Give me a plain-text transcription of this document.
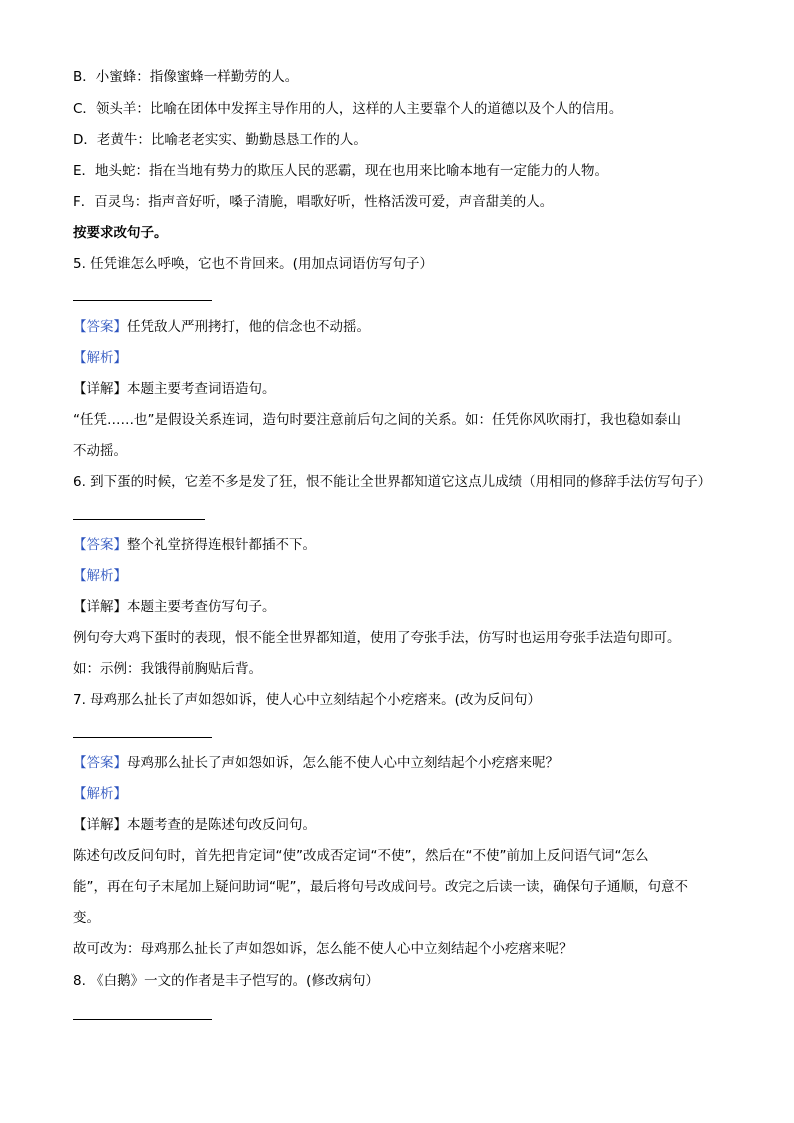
B．小蜜蜂：指像蜜蜂一样勤劳的人。
C．领头羊：比喻在团体中发挥主导作用的人，这样的人主要靠个人的道德以及个人的信用。
D．老黄牛：比喻老老实实、勤勤恳恳工作的人。
E．地头蛇：指在当地有势力的欺压人民的恶霸，现在也用来比喻本地有一定能力的人物。
F．百灵鸟：指声音好听，嗓子清脆，唱歌好听，性格活泼可爱，声音甜美的人。
按要求改句子。
5. 任凭谁怎么呼唤，它也不肯回来。(用加点词语仿写句子）
【答案】任凭敌人严刑拷打，他的信念也不动摇。
【解析】
【详解】本题主要考查词语造句。
“任凭……也”是假设关系连词，造句时要注意前后句之间的关系。如：任凭你风吹雨打，我也稳如泰山
不动摇。
6. 到下蛋的时候，它差不多是发了狂，恨不能让全世界都知道它这点儿成绩（用相同的修辞手法仿写句子）
【答案】整个礼堂挤得连根针都插不下。
【解析】
【详解】本题主要考查仿写句子。
例句夸大鸡下蛋时的表现，恨不能全世界都知道，使用了夸张手法，仿写时也运用夸张手法造句即可。
如：示例：我饿得前胸贴后背。
7. 母鸡那么扯长了声如怨如诉，使人心中立刻结起个小疙瘩来。(改为反问句）
【答案】母鸡那么扯长了声如怨如诉，怎么能不使人心中立刻结起个小疙瘩来呢？
【解析】
【详解】本题考查的是陈述句改反问句。
陈述句改反问句时，首先把肯定词“使”改成否定词“不使”，然后在“不使”前加上反问语气词“怎么
能”，再在句子末尾加上疑问助词“呢”，最后将句号改成问号。改完之后读一读，确保句子通顺，句意不
变。
故可改为：母鸡那么扯长了声如怨如诉，怎么能不使人心中立刻结起个小疙瘩来呢？
8. 《白鹅》一文的作者是丰子恺写的。(修改病句）
